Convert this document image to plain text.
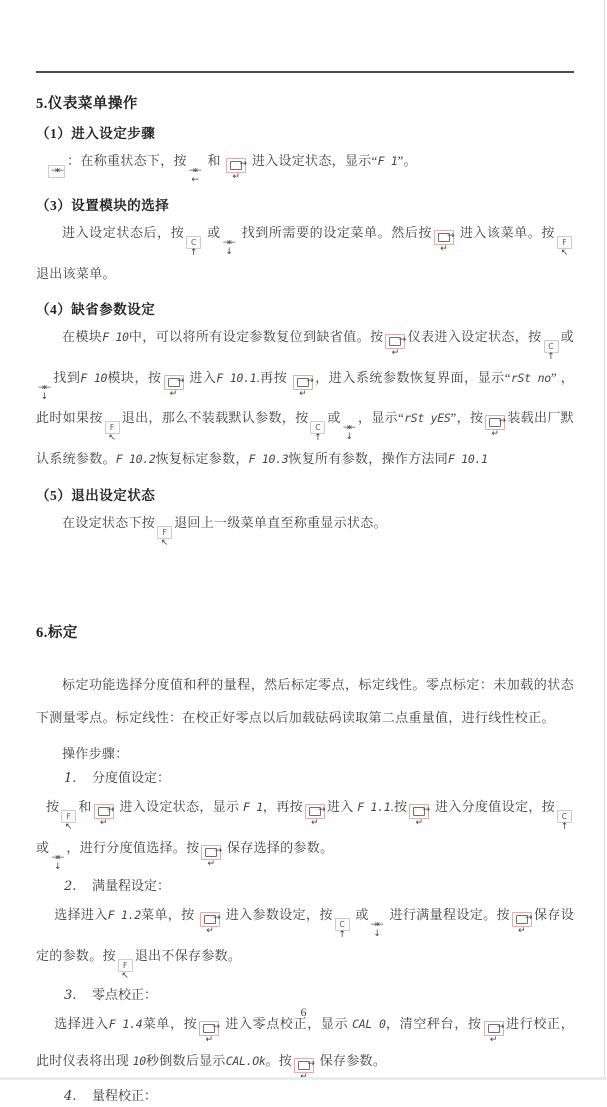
5.仪表菜单操作
（1）进入设定步骤

⇥⇤
：在称重状态下，按
⇥⇤
←
和
→
↵
进入设定状态，显示“F 1”。

（3）设置模块的选择

进入设定状态后，按
C
↑
或
⇥⇤
↓
找到所需要的设定菜单。然后按
→
↵
进入该菜单。按
F
↖
退出该菜单。

（4）缺省参数设定

在模块F 10中，可以将所有设定参数复位到缺省值。按
→
↵
仪表进入设定状态，按
C
↑
或
⇥⇤
↓
找到F 10模块，按
→
↵
进入F 10.1.再按
→
↵
，进入系统参数恢复界面，显示“rSt no” ，此时如果按
F
↖
退出，那么不装载默认参数，按
C
↑
或
⇥⇤
↓
，显示“rSt yES”，按
→
↵
装载出厂默认系统参数。F 10.2恢复标定参数，F 10.3恢复所有参数，操作方法同F 10.1

（5）退出设定状态

在设定状态下按
F
↖
退回上一级菜单直至称重显示状态。

6.标定

标定功能选择分度值和秤的量程，然后标定零点，标定线性。零点标定：未加载的状态下测量零点。标定线性：在校正好零点以后加载砝码读取第二点重量值，进行线性校正。

操作步骤：

1. 分度值设定：

按
F
↖
和
→
↵
进入设定状态，显示 F 1，再按
→
↵
进入 F 1.1.按
→
↵
进入分度值设定，按
C
↑
或
⇥⇤
↓
，进行分度值选择。按
→
↵
保存选择的参数。

2. 满量程设定：

选择进入F 1.2菜单，按
→
↵
进入参数设定，按
C
↑
或
⇥⇤
↓
进行满量程设定。按
→
↵
保存设定的参数。按
F
↖
退出不保存参数。

3. 零点校正：

选择进入F 1.4菜单，按
→
↵
进入零点校正，显示 CAL 0，清空秤台，按
→
↵
进行校正，此时仪表将出现 10秒倒数后显示CAL.Ok。按
→
保存参数。

4. 量程校正：
6
